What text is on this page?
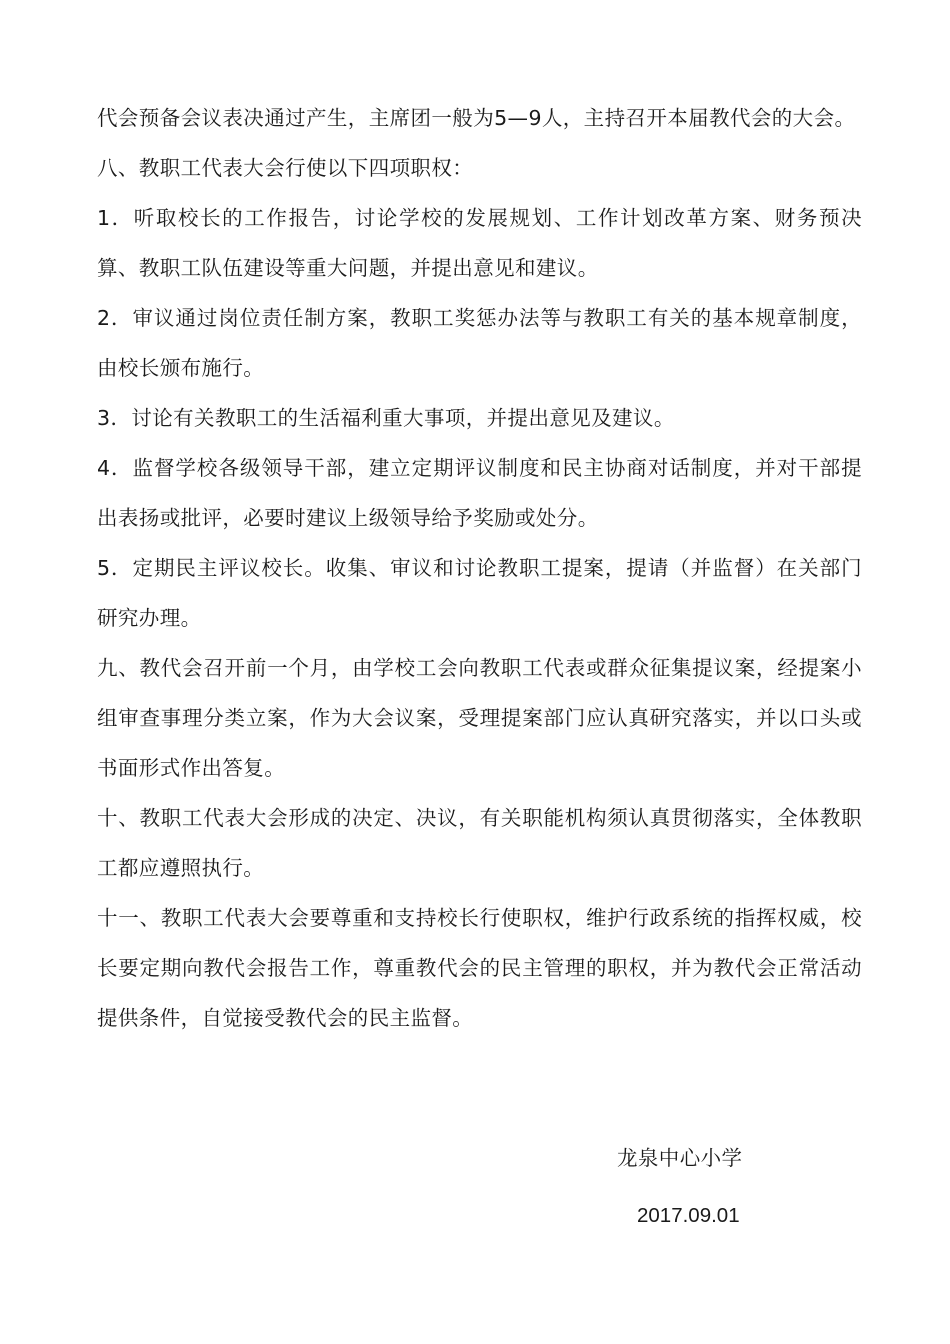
代会预备会议表决通过产生，主席团一般为5—9人，主持召开本届教代会的大会。

八、教职工代表大会行使以下四项职权：

1．听取校长的工作报告，讨论学校的发展规划、工作计划改革方案、财务预决算、教职工队伍建设等重大问题，并提出意见和建议。

2．审议通过岗位责任制方案，教职工奖惩办法等与教职工有关的基本规章制度，由校长颁布施行。

3．讨论有关教职工的生活福利重大事项，并提出意见及建议。

4．监督学校各级领导干部，建立定期评议制度和民主协商对话制度，并对干部提出表扬或批评，必要时建议上级领导给予奖励或处分。

5．定期民主评议校长。收集、审议和讨论教职工提案，提请（并监督）在关部门研究办理。

九、教代会召开前一个月，由学校工会向教职工代表或群众征集提议案，经提案小组审查事理分类立案，作为大会议案，受理提案部门应认真研究落实，并以口头或书面形式作出答复。

十、教职工代表大会形成的决定、决议，有关职能机构须认真贯彻落实，全体教职工都应遵照执行。

十一、教职工代表大会要尊重和支持校长行使职权，维护行政系统的指挥权威，校长要定期向教代会报告工作，尊重教代会的民主管理的职权，并为教代会正常活动提供条件，自觉接受教代会的民主监督。

龙泉中心小学
2017.09.01
